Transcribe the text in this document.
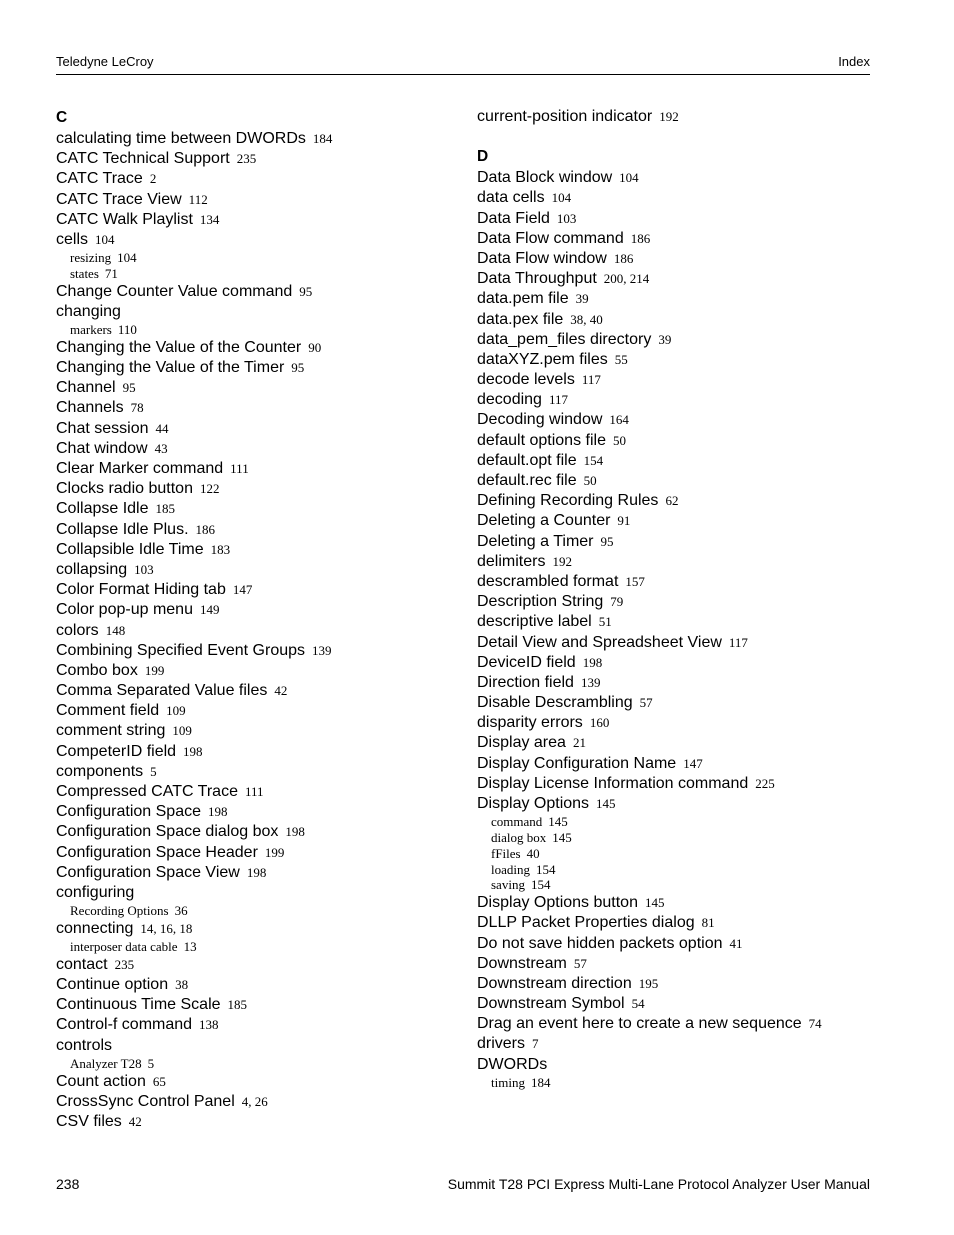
Teledyne LeCroy	Index
C
calculating time between DWORDs 184
CATC Technical Support 235
CATC Trace 2
CATC Trace View 112
CATC Walk Playlist 134
cells 104
resizing 104
states 71
Change Counter Value command 95
changing
markers 110
Changing the Value of the Counter 90
Changing the Value of the Timer 95
Channel 95
Channels 78
Chat session 44
Chat window 43
Clear Marker command 111
Clocks radio button 122
Collapse Idle 185
Collapse Idle Plus. 186
Collapsible Idle Time 183
collapsing 103
Color Format Hiding tab 147
Color pop-up menu 149
colors 148
Combining Specified Event Groups 139
Combo box 199
Comma Separated Value files 42
Comment field 109
comment string 109
CompeterID field 198
components 5
Compressed CATC Trace 111
Configuration Space 198
Configuration Space dialog box 198
Configuration Space Header 199
Configuration Space View 198
configuring
Recording Options 36
connecting 14, 16, 18
interposer data cable 13
contact 235
Continue option 38
Continuous Time Scale 185
Control-f command 138
controls
Analyzer T28 5
Count action 65
CrossSync Control Panel 4, 26
CSV files 42
current-position indicator 192
D
Data Block window 104
data cells 104
Data Field 103
Data Flow command 186
Data Flow window 186
Data Throughput 200, 214
data.pem file 39
data.pex file 38, 40
data_pem_files directory 39
dataXYZ.pem files 55
decode levels 117
decoding 117
Decoding window 164
default options file 50
default.opt file 154
default.rec file 50
Defining Recording Rules 62
Deleting a Counter 91
Deleting a Timer 95
delimiters 192
descrambled format 157
Description String 79
descriptive label 51
Detail View and Spreadsheet View 117
DeviceID field 198
Direction field 139
Disable Descrambling 57
disparity errors 160
Display area 21
Display Configuration Name 147
Display License Information command 225
Display Options 145
command 145
dialog box 145
fFiles 40
loading 154
saving 154
Display Options button 145
DLLP Packet Properties dialog 81
Do not save hidden packets option 41
Downstream 57
Downstream direction 195
Downstream Symbol 54
Drag an event here to create a new sequence 74
drivers 7
DWORDs
timing 184
238	Summit T28 PCI Express Multi-Lane Protocol Analyzer User Manual
